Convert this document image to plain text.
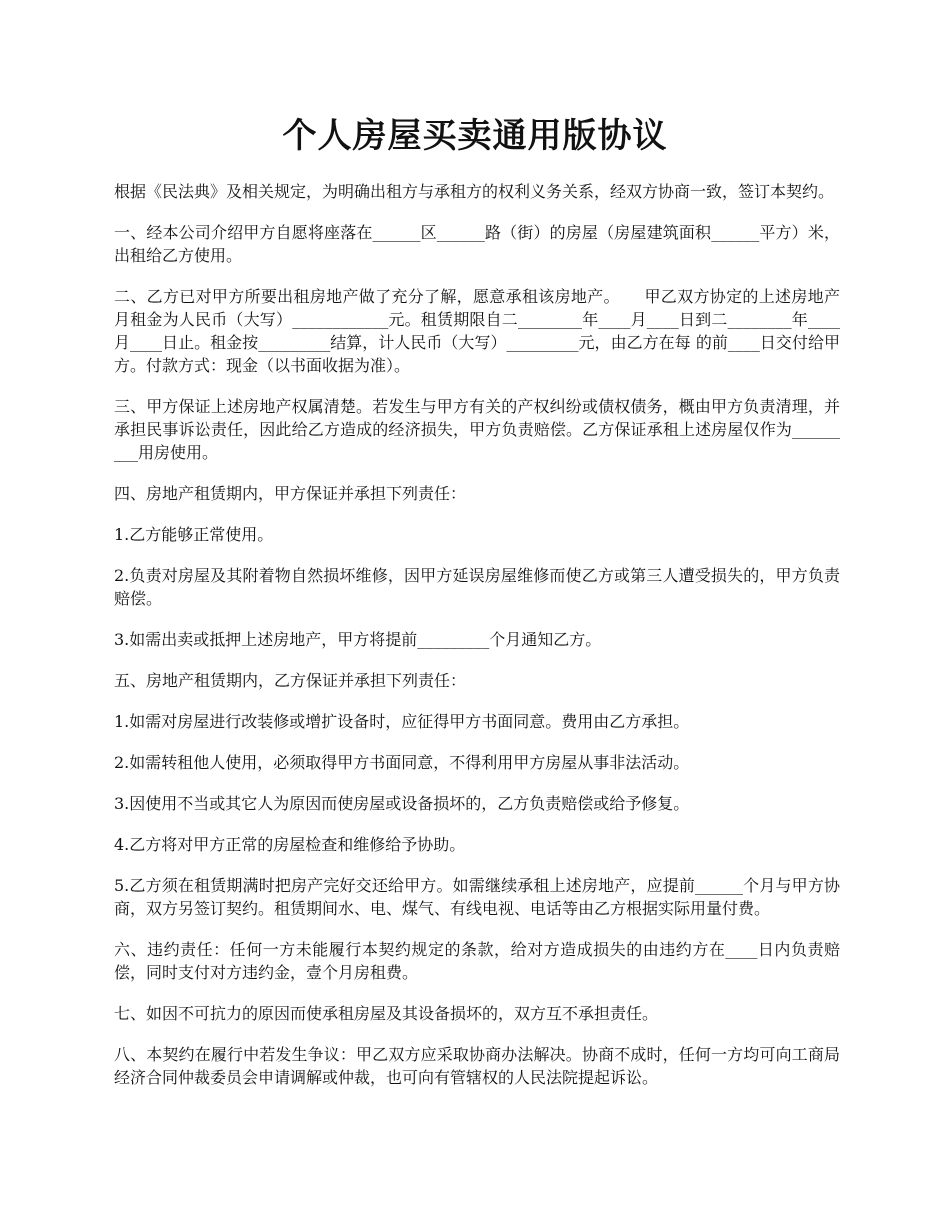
个人房屋买卖通用版协议

根据《民法典》及相关规定，为明确出租方与承租方的权利义务关系，经双方协商一致，签订本契约。

一、经本公司介绍甲方自愿将座落在______区______路（街）的房屋（房屋建筑面积______平方）米，出租给乙方使用。

二、乙方已对甲方所要出租房地产做了充分了解，愿意承租该房地产。　　甲乙双方协定的上述房地产月租金为人民币（大写）____________元。租赁期限自二________年____月____日到二________年____月____日止。租金按_________结算，计人民币（大写）_________元，由乙方在每 的前____日交付给甲方。付款方式：现金（以书面收据为准）。

三、甲方保证上述房地产权属清楚。若发生与甲方有关的产权纠纷或债权债务，概由甲方负责清理，并承担民事诉讼责任，因此给乙方造成的经济损失，甲方负责赔偿。乙方保证承租上述房屋仅作为_________用房使用。

四、房地产租赁期内，甲方保证并承担下列责任：

1.乙方能够正常使用。

2.负责对房屋及其附着物自然损坏维修，因甲方延误房屋维修而使乙方或第三人遭受损失的，甲方负责赔偿。

3.如需出卖或抵押上述房地产，甲方将提前_________个月通知乙方。

五、房地产租赁期内，乙方保证并承担下列责任：

1.如需对房屋进行改装修或增扩设备时，应征得甲方书面同意。费用由乙方承担。

2.如需转租他人使用，必须取得甲方书面同意，不得利用甲方房屋从事非法活动。

3.因使用不当或其它人为原因而使房屋或设备损坏的，乙方负责赔偿或给予修复。

4.乙方将对甲方正常的房屋检查和维修给予协助。

5.乙方须在租赁期满时把房产完好交还给甲方。如需继续承租上述房地产，应提前______个月与甲方协商，双方另签订契约。租赁期间水、电、煤气、有线电视、电话等由乙方根据实际用量付费。

六、违约责任：任何一方未能履行本契约规定的条款，给对方造成损失的由违约方在____日内负责赔偿，同时支付对方违约金，壹个月房租费。

七、如因不可抗力的原因而使承租房屋及其设备损坏的，双方互不承担责任。

八、本契约在履行中若发生争议：甲乙双方应采取协商办法解决。协商不成时，任何一方均可向工商局经济合同仲裁委员会申请调解或仲裁，也可向有管辖权的人民法院提起诉讼。
